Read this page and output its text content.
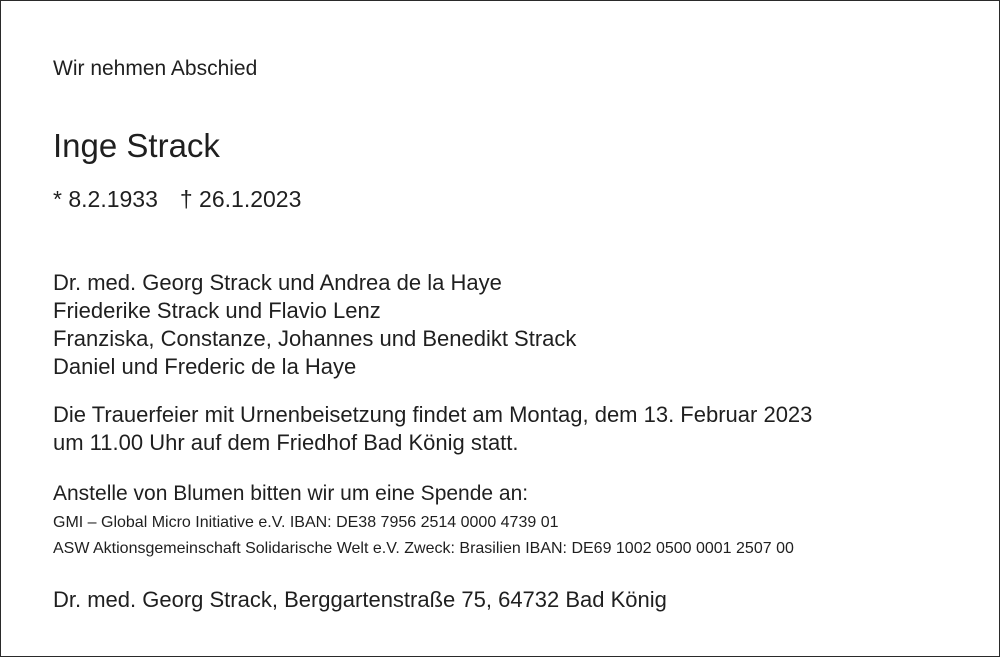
Wir nehmen Abschied
Inge Strack
* 8.2.1933 † 26.1.2023
Dr. med. Georg Strack und Andrea de la Haye
Friederike Strack und Flavio Lenz
Franziska, Constanze, Johannes und Benedikt Strack
Daniel und Frederic de la Haye
Die Trauerfeier mit Urnenbeisetzung findet am Montag, dem 13. Februar 2023
um 11.00 Uhr auf dem Friedhof Bad König statt.
Anstelle von Blumen bitten wir um eine Spende an:
GMI – Global Micro Initiative e.V. IBAN: DE38 7956 2514 0000 4739 01
ASW Aktionsgemeinschaft Solidarische Welt e.V. Zweck: Brasilien IBAN: DE69 1002 0500 0001 2507 00
Dr. med. Georg Strack, Berggartenstraße 75, 64732 Bad König
